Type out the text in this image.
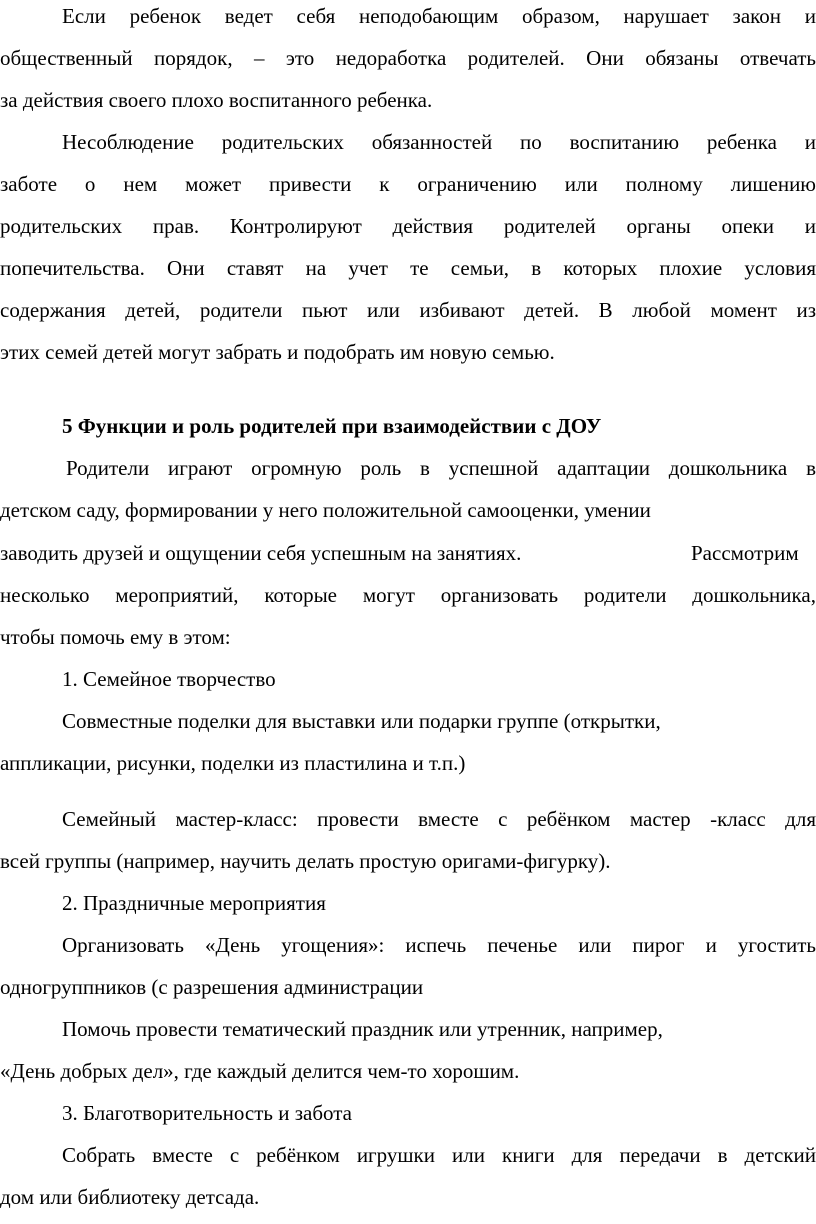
Если ребенок ведет себя неподобающим образом, нарушает закон и
общественный порядок, – это недоработка родителей. Они обязаны отвечать
за действия своего плохо воспитанного ребенка.
Несоблюдение родительских обязанностей по воспитанию ребенка и
заботе о нем может привести к ограничению или полному лишению
родительских прав. Контролируют действия родителей органы опеки и
попечительства. Они ставят на учет те семьи, в которых плохие условия
содержания детей, родители пьют или избивают детей. В любой момент из
этих семей детей могут забрать и подобрать им новую семью.
5 Функции и роль родителей при взаимодействии с ДОУ
Родители играют огромную роль в успешной адаптации дошкольника в
детском саду, формировании у него положительной самооценки, умении
заводить друзей и ощущении себя успешным на занятиях.	Рассмотрим
несколько мероприятий, которые могут организовать родители дошкольника,
чтобы помочь ему в этом:
1. Семейное творчество
Совместные поделки для выставки или подарки группе (открытки,
аппликации, рисунки, поделки из пластилина и т.п.)
Семейный мастер-класс: провести вместе с ребёнком мастер -класс для
всей группы (например, научить делать простую оригами-фигурку).
2. Праздничные мероприятия
Организовать «День угощения»: испечь печенье или пирог и угостить
одногруппников (с разрешения администрации
Помочь провести тематический праздник или утренник, например,
«День добрых дел», где каждый делится чем-то хорошим.
3. Благотворительность и забота
Собрать вместе с ребёнком игрушки или книги для передачи в детский
дом или библиотеку детсада.
